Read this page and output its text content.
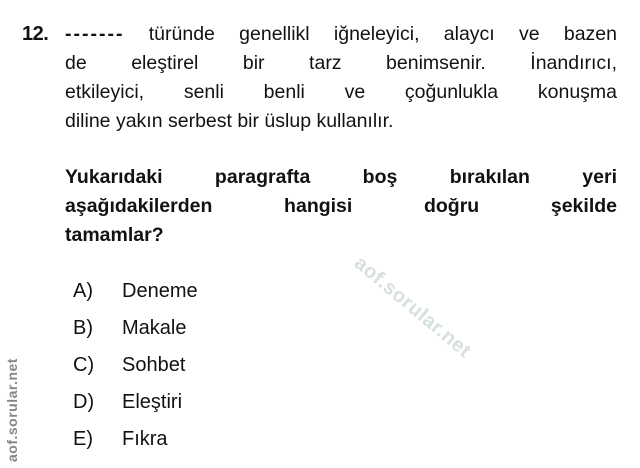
aof.sorular.net
aof.sorular.net
12. ------- türünde genellikl iğneleyici, alaycı ve bazen
de eleştirel bir tarz benimsenir. İnandırıcı,
etkileyici, senli benli ve çoğunlukla konuşma
diline yakın serbest bir üslup kullanılır.
Yukarıdaki paragrafta boş bırakılan yeri
aşağıdakilerden hangisi doğru şekilde
tamamlar?
A)	Deneme
B)	Makale
C)	Sohbet
D)	Eleştiri
E)	Fıkra
